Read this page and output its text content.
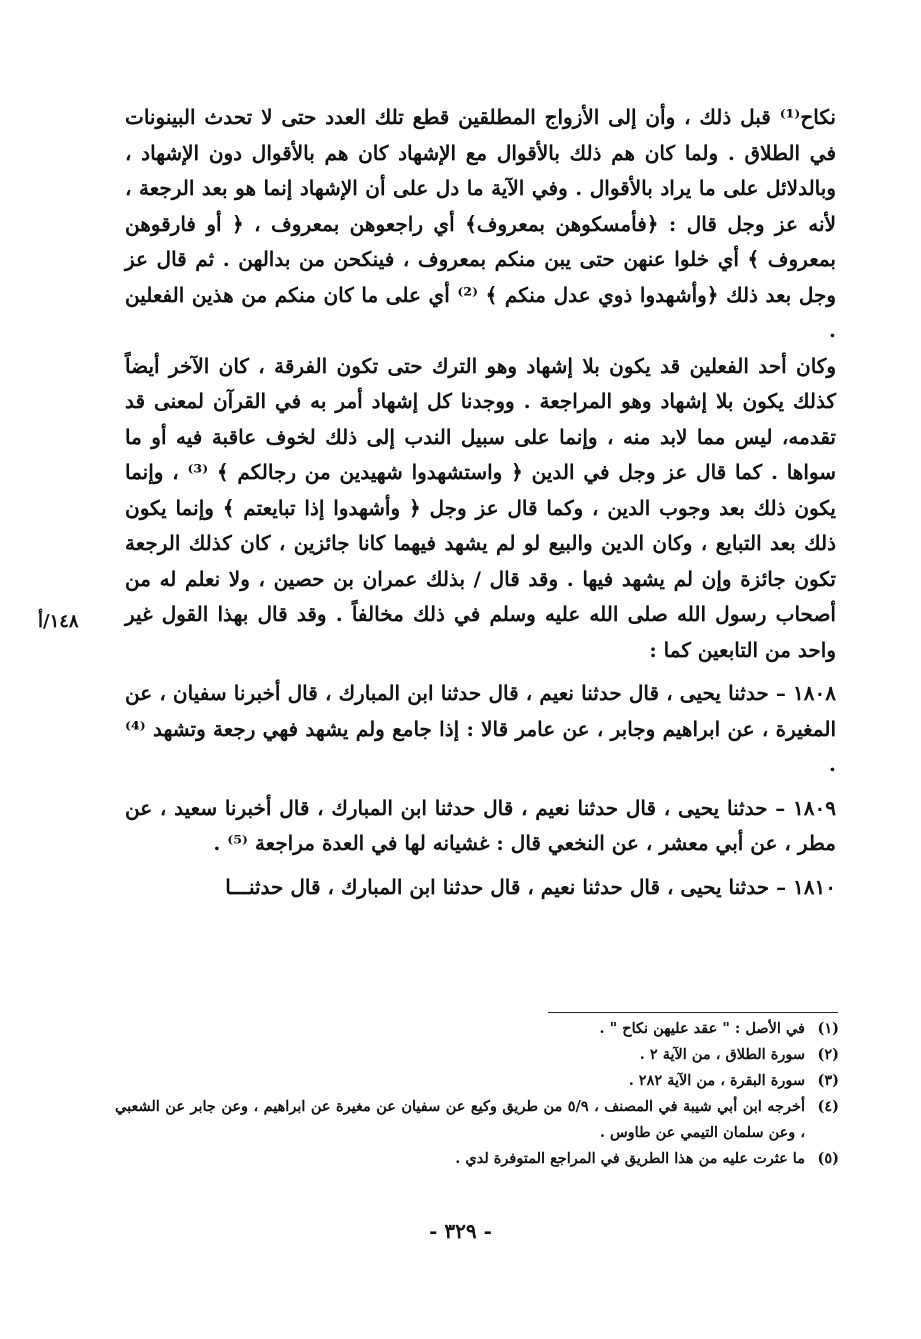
نكاح⁽¹⁾ قبل ذلك ، وأن إلى الأزواج المطلقين قطع تلك العدد حتى لا تحدث البينونات في الطلاق . ولما كان هم ذلك بالأقوال مع الإشهاد كان هم بالأقوال دون الإشهاد ، وبالدلائل على ما يراد بالأقوال . وفي الآية ما دل على أن الإشهاد إنما هو بعد الرجعة ، لأنه عز وجل قال : ﴿فأمسكوهن بمعروف﴾ أي راجعوهن بمعروف ، ﴿ أو فارقوهن بمعروف ﴾ أي خلوا عنهن حتى يبن منكم بمعروف ، فينكحن من بدالهن . ثم قال عز وجل بعد ذلك ﴿وأشهدوا ذوي عدل منكم ﴾ ⁽²⁾ أي على ما كان منكم من هذين الفعلين .

وكان أحد الفعلين قد يكون بلا إشهاد وهو الترك حتى تكون الفرقة ، كان الآخر أيضاً كذلك يكون بلا إشهاد وهو المراجعة . ووجدنا كل إشهاد أمر به في القرآن لمعنى قد تقدمه، ليس مما لابد منه ، وإنما على سبيل الندب إلى ذلك لخوف عاقبة فيه أو ما سواها . كما قال عز وجل في الدين ﴿ واستشهدوا شهيدين من رجالكم ﴾ ⁽³⁾ ، وإنما يكون ذلك بعد وجوب الدين ، وكما قال عز وجل ﴿ وأشهدوا إذا تبايعتم ﴾ وإنما يكون ذلك بعد التبايع ، وكان الدين والبيع لو لم يشهد فيهما كانا جائزين ، كان كذلك الرجعة تكون جائزة وإن لم يشهد فيها . وقد قال / بذلك عمران بن حصين ، ولا نعلم له من أصحاب رسول الله صلى الله عليه وسلم في ذلك مخالفاً . وقد قال بهذا القول غير واحد من التابعين كما :

١٨٠٨ – حدثنا يحيى ، قال حدثنا نعيم ، قال حدثنا ابن المبارك ، قال أخبرنا سفيان ، عن المغيرة ، عن ابراهيم وجابر ، عن عامر قالا : إذا جامع ولم يشهد فهي رجعة وتشهد ⁽⁴⁾ .

١٨٠٩ – حدثنا يحيى ، قال حدثنا نعيم ، قال حدثنا ابن المبارك ، قال أخبرنا سعيد ، عن مطر ، عن أبي معشر ، عن النخعي قال : غشيانه لها في العدة مراجعة ⁽⁵⁾ .

١٨١٠ – حدثنا يحيى ، قال حدثنا نعيم ، قال حدثنا ابن المبارك ، قال حدثنـــا

١٤٨/أ

(١)
في الأصل : " عقد عليهن نكاح " .

(٢)
سورة الطلاق ، من الآية ٢ .

(٣)
سورة البقرة ، من الآية ٢٨٢ .

(٤)
أخرجه ابن أبي شيبة في المصنف ، ٥/٩ من طريق وكيع عن سفيان عن مغيرة عن ابراهيم ، وعن جابر عن الشعبي ، وعن سلمان التيمي عن طاوس .

(٥)
ما عثرت عليه من هذا الطريق في المراجع المتوفرة لدي .

- ٣٢٩ -
